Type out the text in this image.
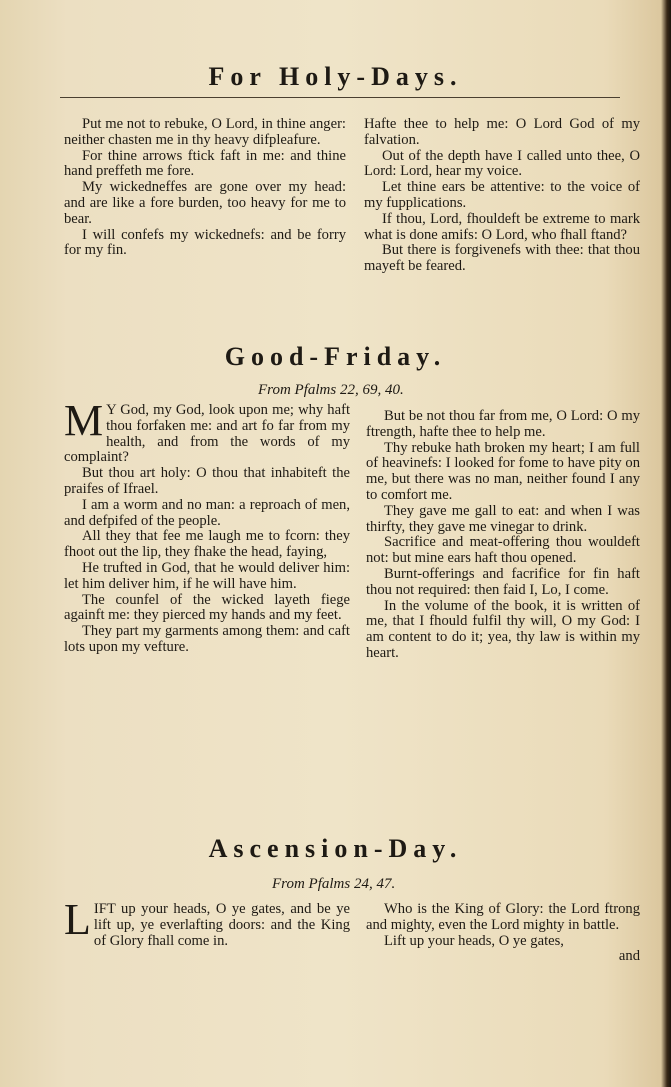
For Holy-Days.

Put me not to rebuke, O Lord, in thine anger: neither chasten me in thy heavy difpleafure.

For thine arrows ftick faft in me: and thine hand preffeth me fore.

My wickedneffes are gone over my head: and are like a fore burden, too heavy for me to bear.

I will confefs my wickednefs: and be forry for my fin.

Hafte thee to help me: O Lord God of my falvation.

Out of the depth have I called unto thee, O Lord: Lord, hear my voice.

Let thine ears be attentive: to the voice of my fupplications.

If thou, Lord, fhouldeft be extreme to mark what is done amifs: O Lord, who fhall ftand?

But there is forgivenefs with thee: that thou mayeft be feared.

Good-Friday.

From Pfalms 22, 69, 40.

M Y God, my God, look upon me; why haft thou forfaken me: and art fo far from my health, and from the words of my complaint?

But thou art holy: O thou that inhabiteft the praifes of Ifrael.

I am a worm and no man: a reproach of men, and defpifed of the people.

All they that fee me laugh me to fcorn: they fhoot out the lip, they fhake the head, faying,

He trufted in God, that he would deliver him: let him deliver him, if he will have him.

The counfel of the wicked layeth fiege againft me: they pierced my hands and my feet.

They part my garments among them: and caft lots upon my vefture.

But be not thou far from me, O Lord: O my ftrength, hafte thee to help me.

Thy rebuke hath broken my heart; I am full of heavinefs: I looked for fome to have pity on me, but there was no man, neither found I any to comfort me.

They gave me gall to eat: and when I was thirfty, they gave me vinegar to drink.

Sacrifice and meat-offering thou wouldeft not: but mine ears haft thou opened.

Burnt-offerings and facrifice for fin haft thou not required: then faid I, Lo, I come.

In the volume of the book, it is written of me, that I fhould fulfil thy will, O my God: I am content to do it; yea, thy law is within my heart.

Ascension-Day.

From Pfalms 24, 47.

LIFT up your heads, O ye gates, and be ye lift up, ye everlafting doors: and the King of Glory fhall come in.

Who is the King of Glory: the Lord ftrong and mighty, even the Lord mighty in battle.

Lift up your heads, O ye gates,

and
